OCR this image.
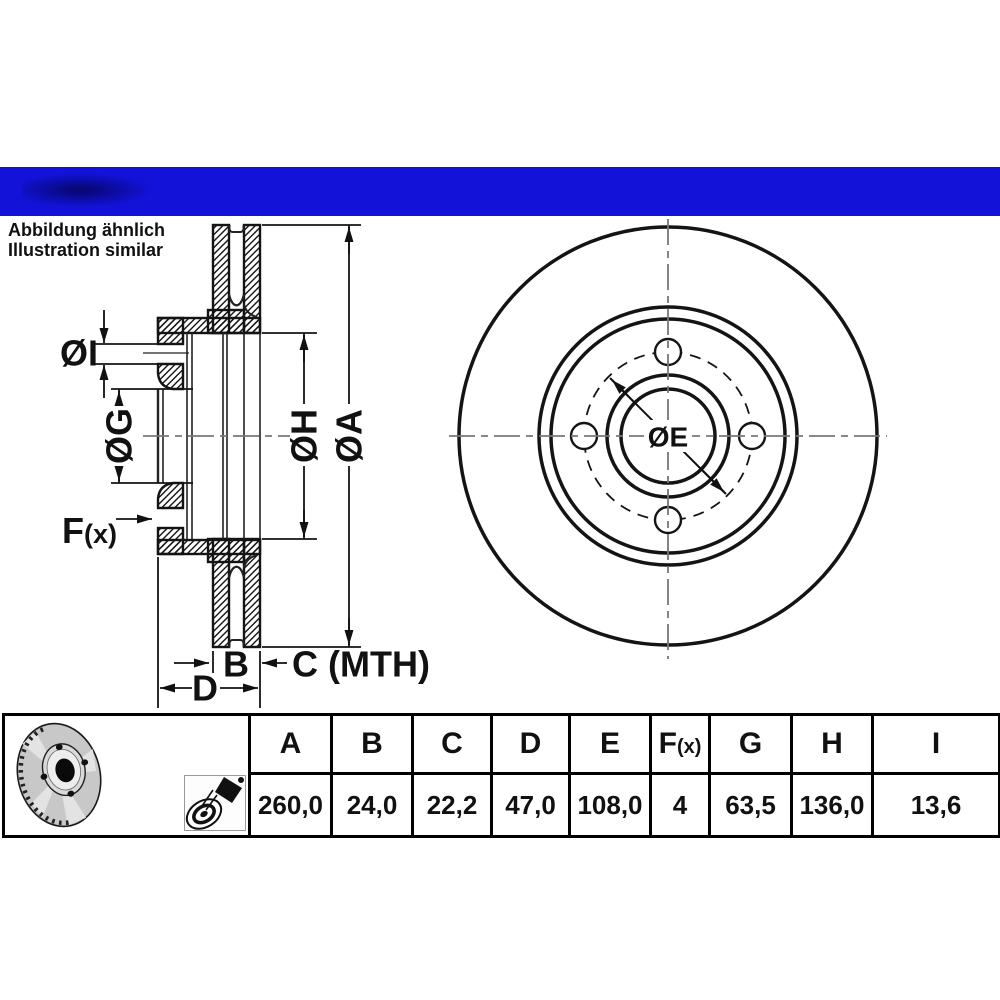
24.0124-0120.1 424120
Abbildung ähnlich
Illustration similar
ØI
ØG
F(x)
ØH ØA
B C (MTH)
D
ØE
	A	B	C	D	E	F(x)	G	H	I
	260,0	24,0	22,2	47,0	108,0	4	63,5	136,0	13,6
